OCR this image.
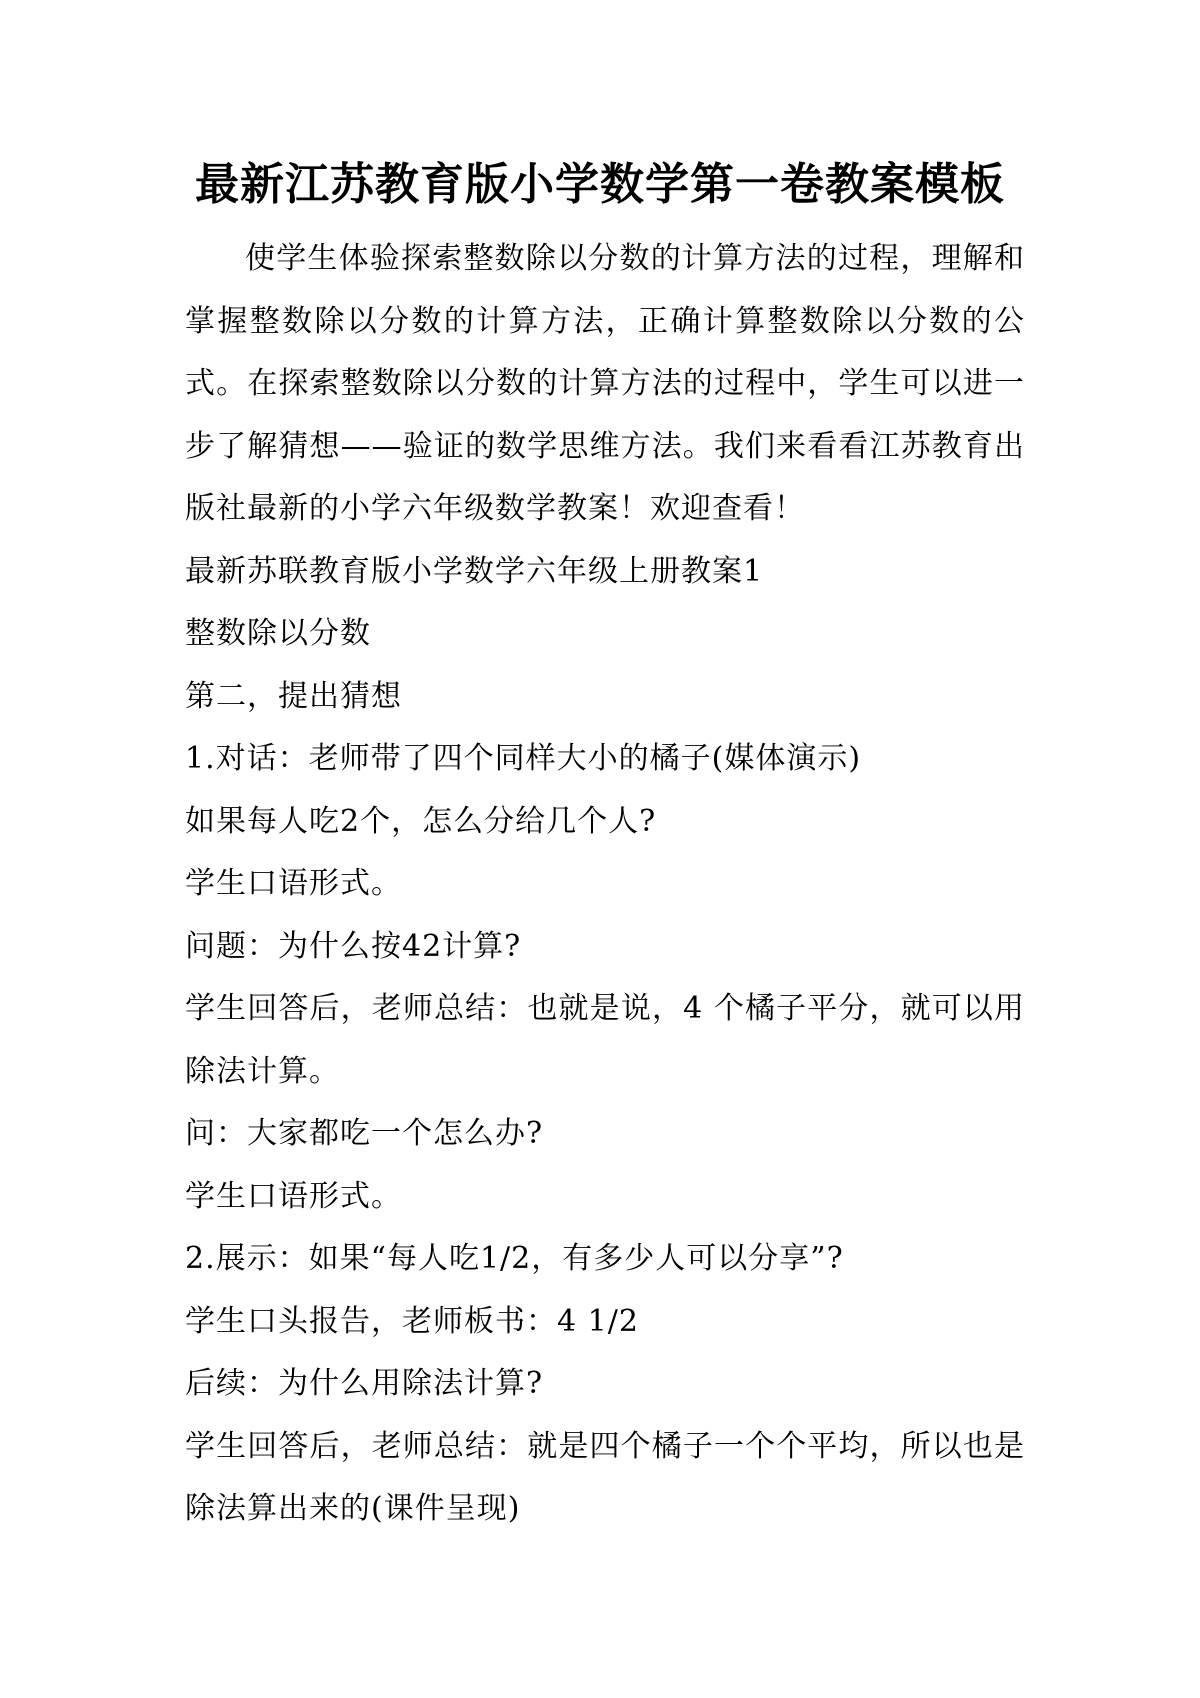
最新江苏教育版小学数学第一卷教案模板

使学生体验探索整数除以分数的计算方法的过程，理解和掌握整数除以分数的计算方法，正确计算整数除以分数的公式。在探索整数除以分数的计算方法的过程中，学生可以进一步了解猜想——验证的数学思维方法。我们来看看江苏教育出版社最新的小学六年级数学教案！欢迎查看！

最新苏联教育版小学数学六年级上册教案1

整数除以分数

第二，提出猜想

1.对话：老师带了四个同样大小的橘子(媒体演示)

如果每人吃2个，怎么分给几个人?

学生口语形式。

问题：为什么按42计算?

学生回答后，老师总结：也就是说，4 个橘子平分，就可以用除法计算。

问：大家都吃一个怎么办?

学生口语形式。

2.展示：如果“每人吃1/2，有多少人可以分享”?

学生口头报告，老师板书：4 1/2

后续：为什么用除法计算?

学生回答后，老师总结：就是四个橘子一个个平均，所以也是除法算出来的(课件呈现)
